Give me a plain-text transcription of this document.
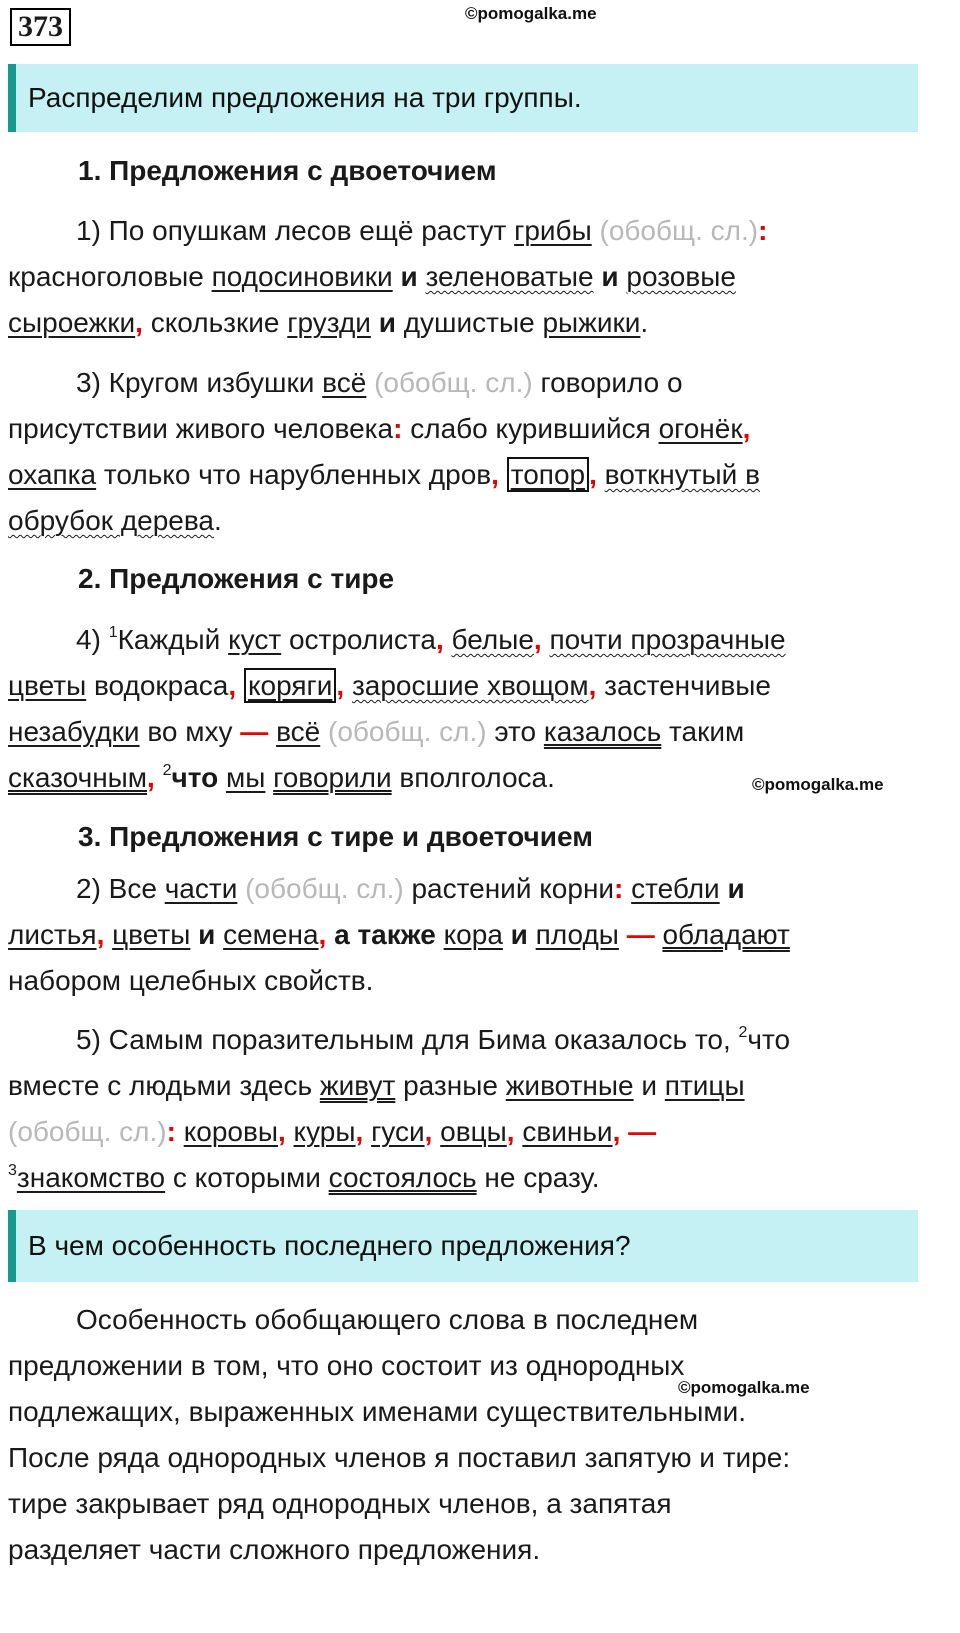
373	©pomogalka.me
Распределим предложения на три группы.
1. Предложения с двоеточием
1) По опушкам лесов ещё растут грибы (обобщ. сл.):
красноголовые подосиновики и зеленоватые и розовые
сыроежки, скользкие грузди и душистые рыжики.
3) Кругом избушки всё (обобщ. сл.) говорило о
присутствии живого человека: слабо курившийся огонёк,
охапка только что нарубленных дров, топор , воткнутый в
обрубок дерева.
2. Предложения с тире
4) $^1$Каждый куст остролиста, белые, почти прозрачные
цветы водокраса, коряги , заросшие хвощом, застенчивые
незабудки во мху — всё (обобщ. сл.) это казалось таким
сказочным, $^2$что мы говорили вполголоса.	©pomogalka.me
3. Предложения с тире и двоеточием
2) Все части (обобщ. сл.) растений корни: стебли и
листья, цветы и семена, а также кора и плоды — обладают
набором целебных свойств.
5) Самым поразительным для Бима оказалось то, $^2$что
вместе с людьми здесь живут разные животные и птицы
(обобщ. сл.): коровы, куры, гуси, овцы, свиньи, —
$^3$знакомство с которыми состоялось не сразу.
В чем особенность последнего предложения?
Особенность обобщающего слова в последнем
предложении в том, что оно состоит из однородных
подлежащих, выраженных именами существительными.
После ряда однородных членов я поставил запятую и тире:
тире закрывает ряд однородных членов, а запятая
разделяет части сложного предложения.
©pomogalka.me
